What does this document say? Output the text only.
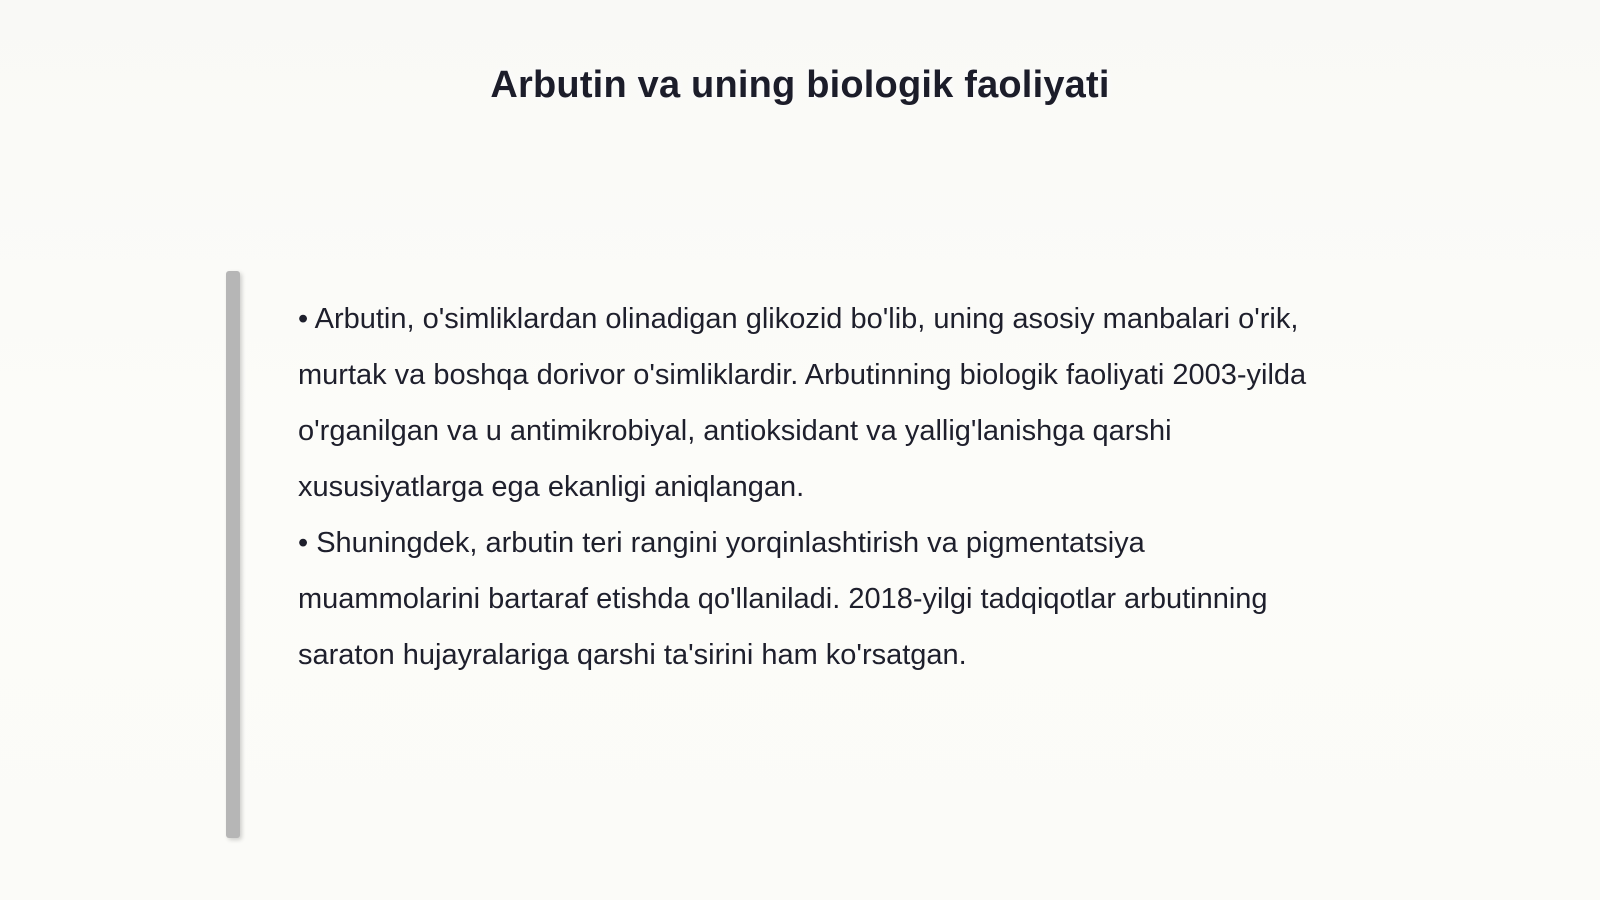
Arbutin va uning biologik faoliyati

• Arbutin, o'simliklardan olinadigan glikozid bo'lib, uning asosiy manbalari o'rik, murtak va boshqa dorivor o'simliklardir. Arbutinning biologik faoliyati 2003-yilda o'rganilgan va u antimikrobiyal, antioksidant va yallig'lanishga qarshi xususiyatlarga ega ekanligi aniqlangan.

• Shuningdek, arbutin teri rangini yorqinlashtirish va pigmentatsiya muammolarini bartaraf etishda qo'llaniladi. 2018-yilgi tadqiqotlar arbutinning saraton hujayralariga qarshi ta'sirini ham ko'rsatgan.
